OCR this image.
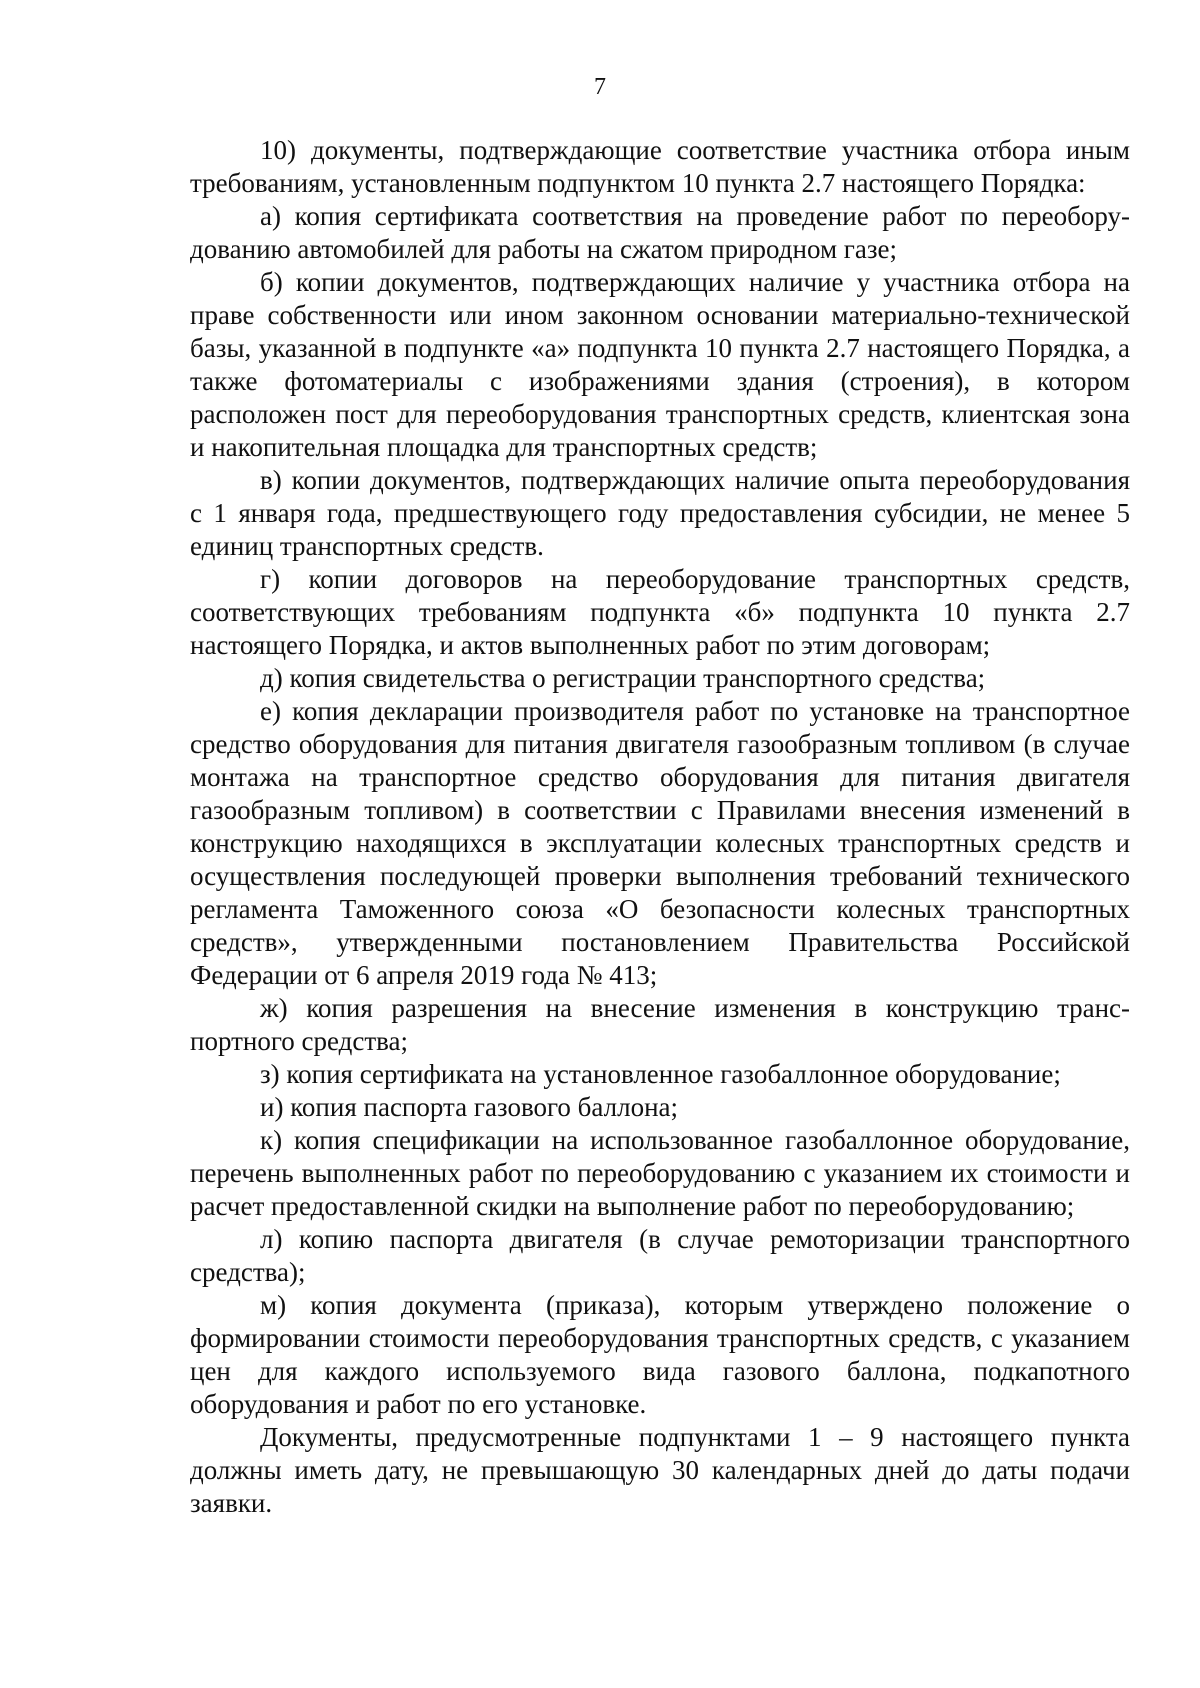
7

10) документы, подтверждающие соответствие участника отбора иным требованиям, установленным подпунктом 10 пункта 2.7 настоящего Порядка:

а) копия сертификата соответствия на проведение работ по переоборудованию автомобилей для работы на сжатом природном газе;

б) копии документов, подтверждающих наличие у участника отбора на праве собственности или ином законном основании материально-технической базы, указанной в подпункте «а» подпункта 10 пункта 2.7 настоящего Порядка, а также фотоматериалы с изображениями здания (строения), в котором расположен пост для переоборудования транспортных средств, клиентская зона и накопительная площадка для транспортных средств;

в) копии документов, подтверждающих наличие опыта переоборудования с 1 января года, предшествующего году предоставления субсидии, не менее 5 единиц транспортных средств.

г) копии договоров на переоборудование транспортных средств, соответствующих требованиям подпункта «б» подпункта 10 пункта 2.7 настоящего Порядка, и актов выполненных работ по этим договорам;

д) копия свидетельства о регистрации транспортного средства;

е) копия декларации производителя работ по установке на транспортное средство оборудования для питания двигателя газообразным топливом (в случае монтажа на транспортное средство оборудования для питания двигателя газообразным топливом) в соответствии с Правилами внесения изменений в конструкцию находящихся в эксплуатации колесных транспортных средств и осуществления последующей проверки выполнения требований технического регламента Таможенного союза «О безопасности колесных транспортных средств», утвержденными постановлением Правительства Российской Федерации от 6 апреля 2019 года № 413;

ж) копия разрешения на внесение изменения в конструкцию транспортного средства;

з) копия сертификата на установленное газобаллонное оборудование;

и) копия паспорта газового баллона;

к) копия спецификации на использованное газобаллонное оборудование, перечень выполненных работ по переоборудованию с указанием их стоимости и расчет предоставленной скидки на выполнение работ по переоборудованию;

л) копию паспорта двигателя (в случае ремоторизации транспортного средства);

м) копия документа (приказа), которым утверждено положение о формировании стоимости переоборудования транспортных средств, с указанием цен для каждого используемого вида газового баллона, подкапотного оборудования и работ по его установке.

Документы, предусмотренные подпунктами 1 – 9 настоящего пункта должны иметь дату, не превышающую 30 календарных дней до даты подачи заявки.
